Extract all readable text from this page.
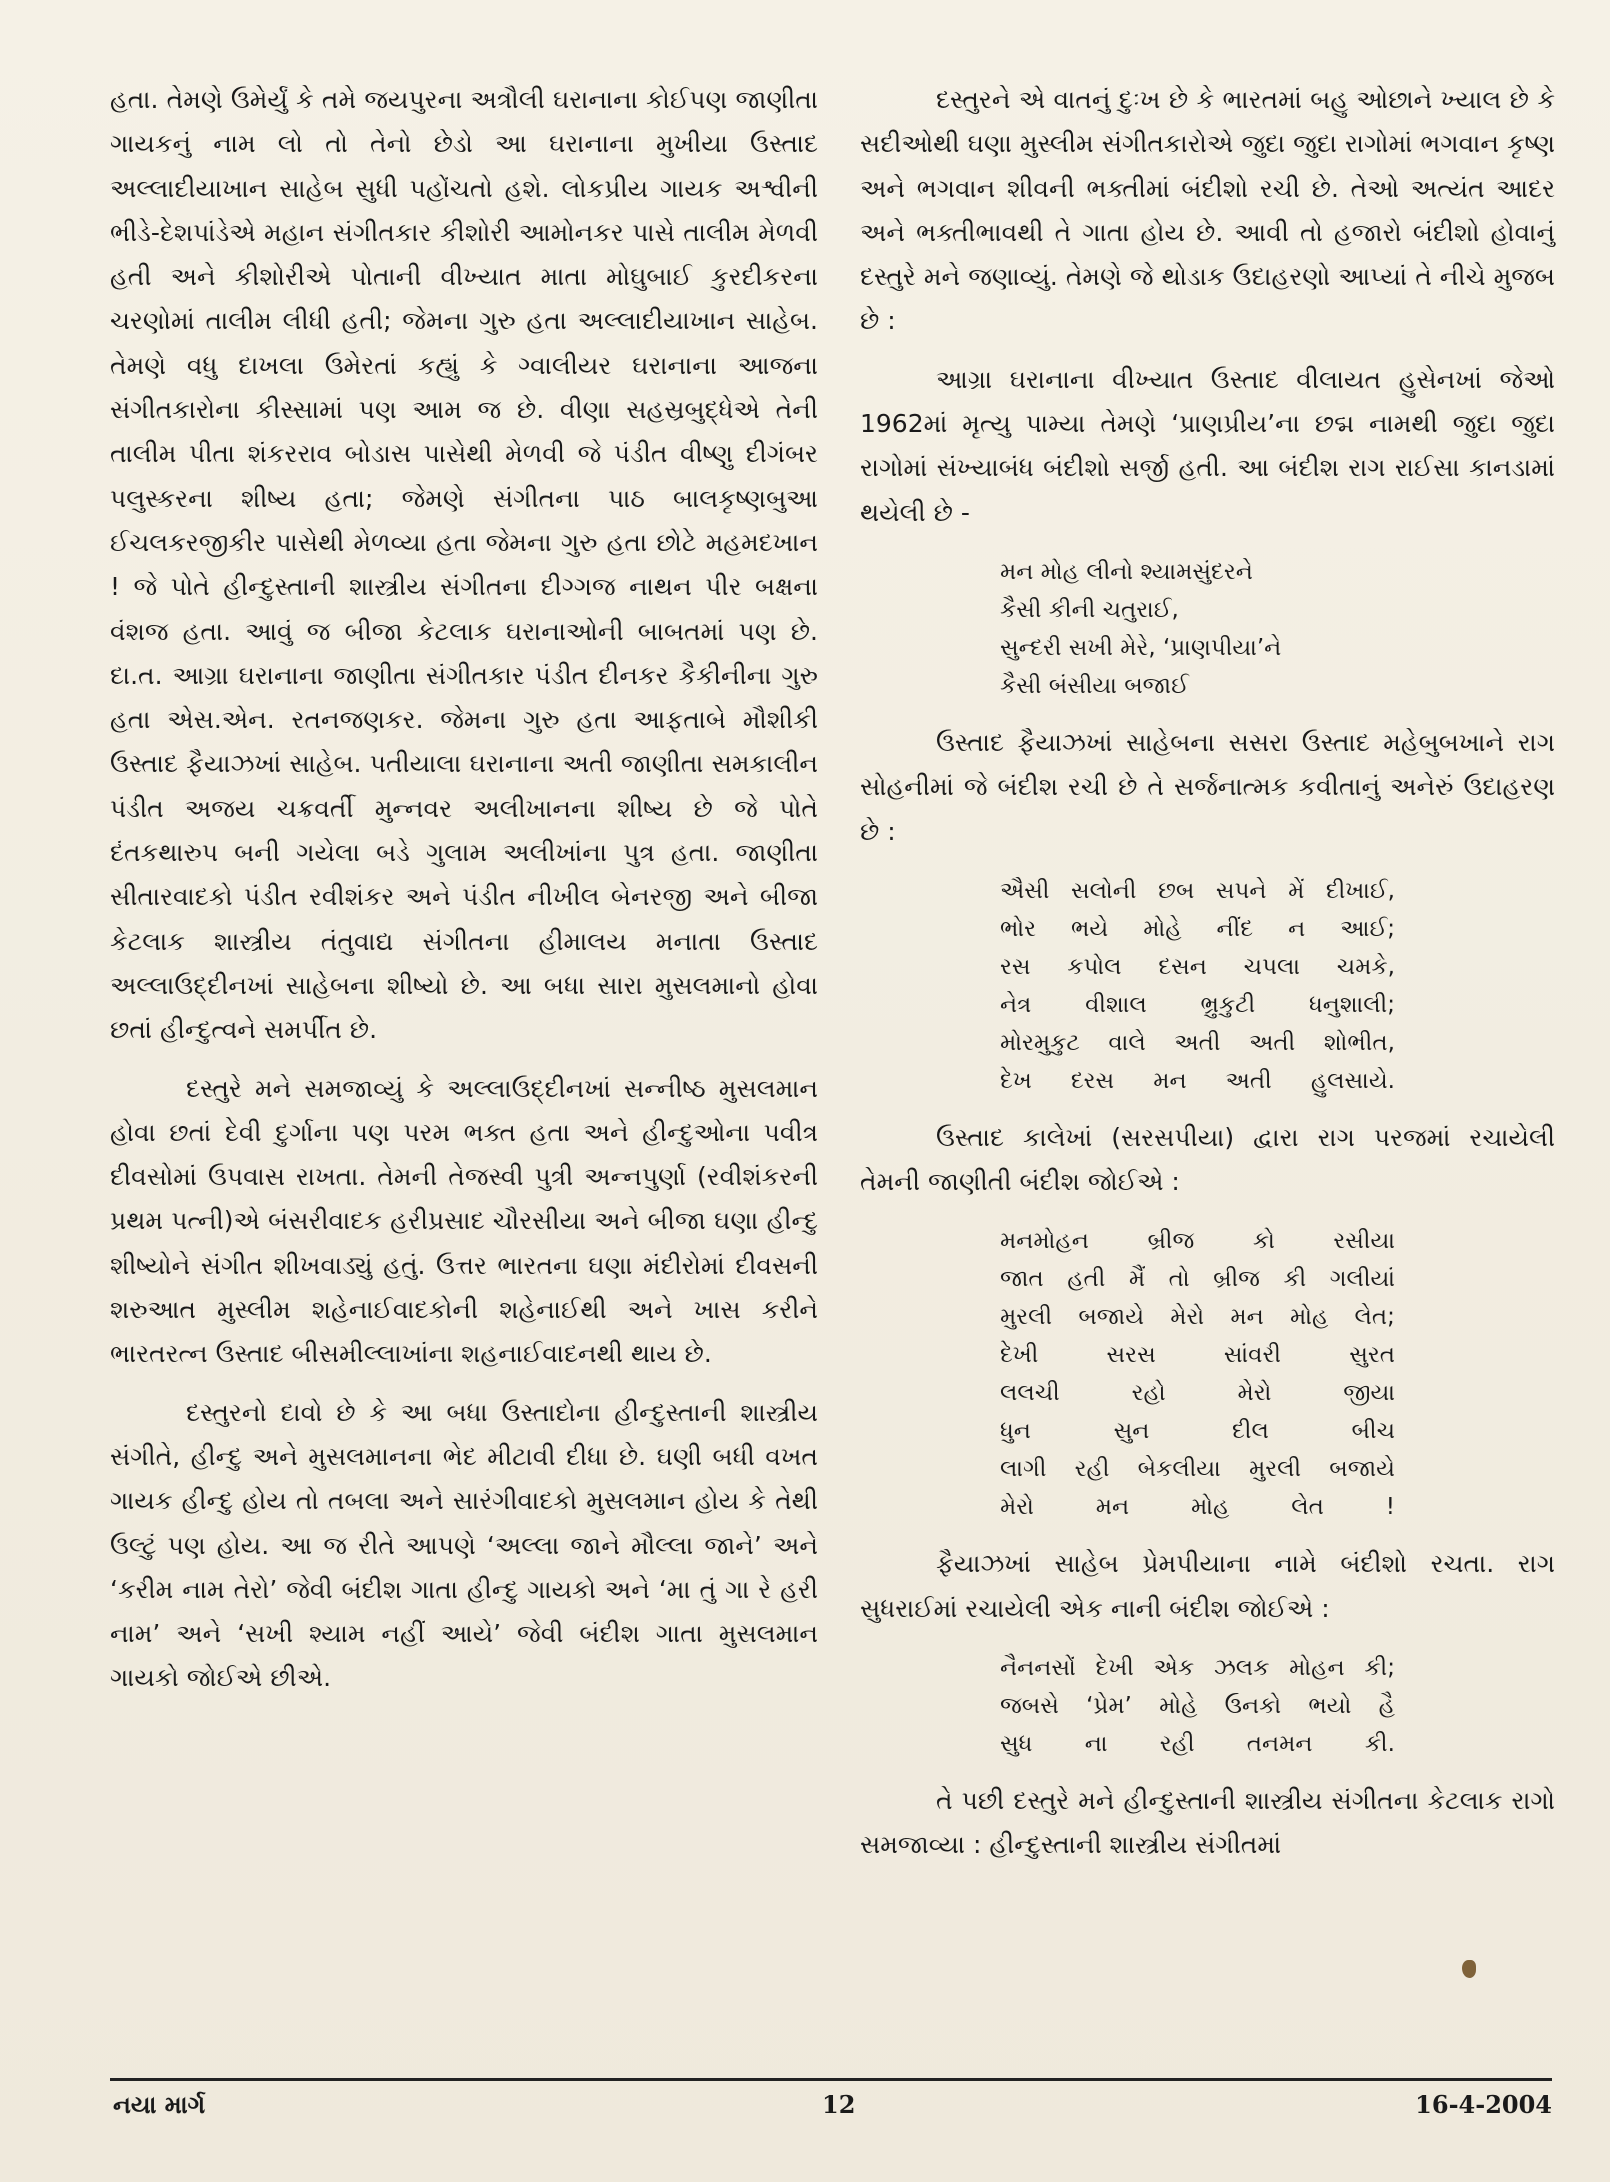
હતા. તેમણે ઉમેર્યું કે તમે જયપુરના અત્રૌલી ઘરાનાના કોઈપણ જાણીતા ગાયકનું નામ લો તો તેનો છેડો આ ઘરાનાના મુખીયા ઉસ્તાદ અલ્લાદીયાખાન સાહેબ સુધી પહોંચતો હશે. લોકપ્રીય ગાયક અશ્વીની ભીડે-દેશપાંડેએ મહાન સંગીતકાર કીશોરી આમોનકર પાસે તાલીમ મેળવી હતી અને કીશોરીએ પોતાની વીખ્યાત માતા મોઘુબાઈ કુરદીકરના ચરણોમાં તાલીમ લીધી હતી; જેમના ગુરુ હતા અલ્લાદીયાખાન સાહેબ. તેમણે વધુ દાખલા ઉમેરતાં કહ્યું કે ગ્વાલીયર ઘરાનાના આજના સંગીતકારોના કીસ્સામાં પણ આમ જ છે. વીણા સહસ્રબુદ્ધેએ તેની તાલીમ પીતા શંકરરાવ બોડાસ પાસેથી મેળવી જે પંડીત વીષ્ણુ દીગંબર પલુસ્કરના શીષ્ય હતા; જેમણે સંગીતના પાઠ બાલકૃષ્ણબુઆ ઈચલકરજીકીર પાસેથી મેળવ્યા હતા જેમના ગુરુ હતા છોટે મહમદખાન ! જે પોતે હીન્દુસ્તાની શાસ્ત્રીય સંગીતના દીગ્ગજ નાથન પીર બક્ષના વંશજ હતા. આવું જ બીજા કેટલાક ઘરાનાઓની બાબતમાં પણ છે. દા.ત. આગ્રા ઘરાનાના જાણીતા સંગીતકાર પંડીત દીનકર કૈકીનીના ગુરુ હતા એસ.એન. રતનજણકર. જેમના ગુરુ હતા આફતાબે મૌશીકી ઉસ્તાદ ફૈયાઝખાં સાહેબ. પતીયાલા ઘરાનાના અતી જાણીતા સમકાલીન પંડીત અજય ચક્રવર્તી મુન્નવર અલીખાનના શીષ્ય છે જે પોતે દંતકથારુપ બની ગયેલા બડે ગુલામ અલીખાંના પુત્ર હતા. જાણીતા સીતારવાદકો પંડીત રવીશંકર અને પંડીત નીખીલ બેનરજી અને બીજા કેટલાક શાસ્ત્રીય તંતુવાદ્ય સંગીતના હીમાલય મનાતા ઉસ્તાદ અલ્લાઉદ્દીનખાં સાહેબના શીષ્યો છે. આ બધા સારા મુસલમાનો હોવા છતાં હીન્દુત્વને સમર્પીત છે.

દસ્તુરે મને સમજાવ્યું કે અલ્લાઉદ્દીનખાં સન્નીષ્ઠ મુસલમાન હોવા છતાં દેવી દુર્ગાના પણ પરમ ભક્ત હતા અને હીન્દુઓના પવીત્ર દીવસોમાં ઉપવાસ રાખતા. તેમની તેજસ્વી પુત્રી અન્નપુર્ણા (રવીશંકરની પ્રથમ પત્ની)એ બંસરીવાદક હરીપ્રસાદ ચૌરસીયા અને બીજા ઘણા હીન્દુ શીષ્યોને સંગીત શીખવાડ્યું હતું. ઉત્તર ભારતના ઘણા મંદીરોમાં દીવસની શરુઆત મુસ્લીમ શહેનાઈવાદકોની શહેનાઈથી અને ખાસ કરીને ભારતરત્ન ઉસ્તાદ બીસમીલ્લાખાંના શહનાઈવાદનથી થાય છે.

દસ્તુરનો દાવો છે કે આ બધા ઉસ્તાદોના હીન્દુસ્તાની શાસ્ત્રીય સંગીતે, હીન્દુ અને મુસલમાનના ભેદ મીટાવી દીધા છે. ઘણી બધી વખત ગાયક હીન્દુ હોય તો તબલા અને સારંગીવાદકો મુસલમાન હોય કે તેથી ઉલ્ટું પણ હોય. આ જ રીતે આપણે ‘અલ્લા જાને મૌલ્લા જાને’ અને ‘કરીમ નામ તેરો’ જેવી બંદીશ ગાતા હીન્દુ ગાયકો અને ‘મા તું ગા રે હરી નામ’ અને ‘સખી શ્યામ નહીં આયે’ જેવી બંદીશ ગાતા મુસલમાન ગાયકો જોઈએ છીએ.

દસ્તુરને એ વાતનું દુઃખ છે કે ભારતમાં બહુ ઓછાને ખ્યાલ છે કે સદીઓથી ઘણા મુસ્લીમ સંગીતકારોએ જુદા જુદા રાગોમાં ભગવાન કૃષ્ણ અને ભગવાન શીવની ભક્તીમાં બંદીશો રચી છે. તેઓ અત્યંત આદર અને ભક્તીભાવથી તે ગાતા હોય છે. આવી તો હજારો બંદીશો હોવાનું દસ્તુરે મને જણાવ્યું. તેમણે જે થોડાક ઉદાહરણો આપ્યાં તે નીચે મુજબ છે :

આગ્રા ઘરાનાના વીખ્યાત ઉસ્તાદ વીલાયત હુસેનખાં જેઓ 1962માં મૃત્યુ પામ્યા તેમણે ‘પ્રાણપ્રીય’ના છદ્મ નામથી જુદા જુદા રાગોમાં સંખ્યાબંધ બંદીશો સર્જી હતી. આ બંદીશ રાગ રાઈસા કાનડામાં થયેલી છે -

મન મોહ લીનો શ્યામસુંદરને
કૈસી કીની ચતુરાઈ,
સુન્દરી સખી મેરે, ‘પ્રાણપીયા’ને
કૈસી બંસીયા બજાઈ

ઉસ્તાદ ફૈયાઝખાં સાહેબના સસરા ઉસ્તાદ મહેબુબખાને રાગ સોહનીમાં જે બંદીશ રચી છે તે સર્જનાત્મક કવીતાનું અનેરું ઉદાહરણ છે :

ઐસી સલોની છબ સપને મેં દીખાઈ,
ભોર ભયે મોહે નીંદ ન આઈ;
રસ કપોલ દસન ચપલા ચમકે,
નેત્ર વીશાલ ભ્રુકુટી ધનુશાલી;
મોરમુકુટ વાલે અતી અતી શોભીત,
દેખ દરસ મન અતી હુલસાયે.

ઉસ્તાદ કાલેખાં (સરસપીયા) દ્વારા રાગ પરજમાં રચાયેલી તેમની જાણીતી બંદીશ જોઈએ :

મનમોહન	બ્રીજ	કો	રસીયા
જાત હતી મૈં તો બ્રીજ કી ગલીયાં
મુરલી બજાયે મેરો મન મોહ લેત;
દેખી	સરસ	સાંવરી	સુરત
લલચી	રહો	મેરો	જીયા
ધુન	સુન	દીલ	બીચ
લાગી રહી બેકલીયા મુરલી બજાયે
મેરો	મન	મોહ	લેત	!

ફૈયાઝખાં સાહેબ પ્રેમપીયાના નામે બંદીશો રચતા. રાગ સુધરાઈમાં રચાયેલી એક નાની બંદીશ જોઈએ :

નૈનનસોં દેખી એક ઝલક મોહન કી;
જબસે ‘પ્રેમ’ મોહે ઉનકો ભયો હૈ
સુધ ના રહી તનમન કી.

તે પછી દસ્તુરે મને હીન્દુસ્તાની શાસ્ત્રીય સંગીતના કેટલાક રાગો સમજાવ્યા : હીન્દુસ્તાની શાસ્ત્રીય સંગીતમાં

નયા માર્ગ	12	16-4-2004
